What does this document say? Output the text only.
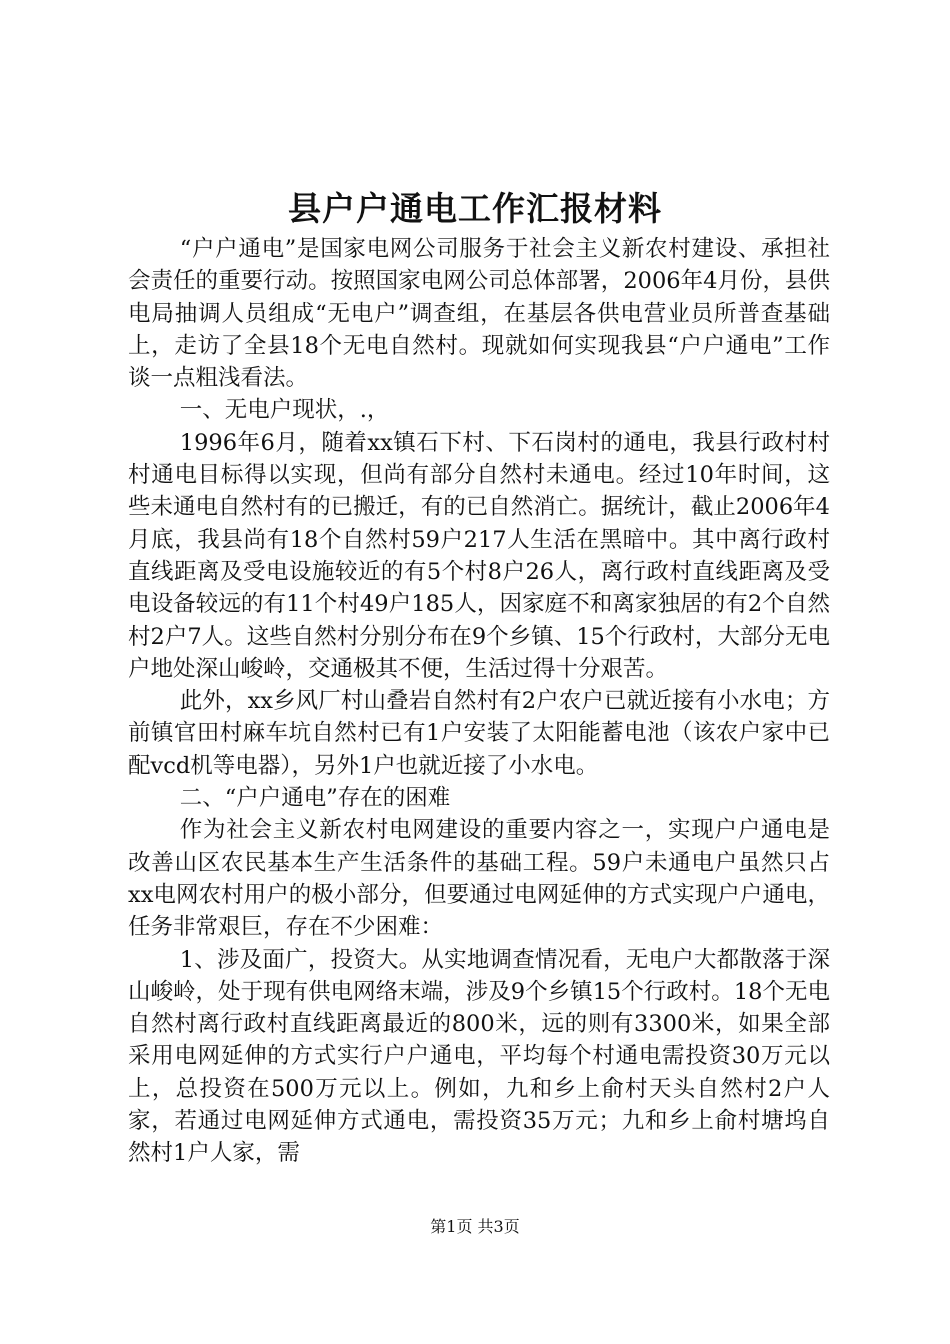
县户户通电工作汇报材料

“户户通电”是国家电网公司服务于社会主义新农村建设、承担社会责任的重要行动。按照国家电网公司总体部署，2006年4月份，县供电局抽调人员组成“无电户”调查组，在基层各供电营业员所普查基础上，走访了全县18个无电自然村。现就如何实现我县“户户通电”工作谈一点粗浅看法。

一、无电户现状，.，

1996年6月，随着xx镇石下村、下石岗村的通电，我县行政村村村通电目标得以实现，但尚有部分自然村未通电。经过10年时间，这些未通电自然村有的已搬迁，有的已自然消亡。据统计，截止2006年4月底，我县尚有18个自然村59户217人生活在黑暗中。其中离行政村直线距离及受电设施较近的有5个村8户26人，离行政村直线距离及受电设备较远的有11个村49户185人，因家庭不和离家独居的有2个自然村2户7人。这些自然村分别分布在9个乡镇、15个行政村，大部分无电户地处深山峻岭，交通极其不便，生活过得十分艰苦。

此外，xx乡风厂村山叠岩自然村有2户农户已就近接有小水电；方前镇官田村麻车坑自然村已有1户安装了太阳能蓄电池（该农户家中已配vcd机等电器），另外1户也就近接了小水电。

二、“户户通电”存在的困难

作为社会主义新农村电网建设的重要内容之一，实现户户通电是改善山区农民基本生产生活条件的基础工程。59户未通电户虽然只占xx电网农村用户的极小部分，但要通过电网延伸的方式实现户户通电，任务非常艰巨，存在不少困难：

1、涉及面广，投资大。从实地调查情况看，无电户大都散落于深山峻岭，处于现有供电网络末端，涉及9个乡镇15个行政村。18个无电自然村离行政村直线距离最近的800米，远的则有3300米，如果全部采用电网延伸的方式实行户户通电，平均每个村通电需投资30万元以上，总投资在500万元以上。例如，九和乡上俞村天头自然村2户人家，若通过电网延伸方式通电，需投资35万元；九和乡上俞村塘坞自然村1户人家，需

第1页 共3页
